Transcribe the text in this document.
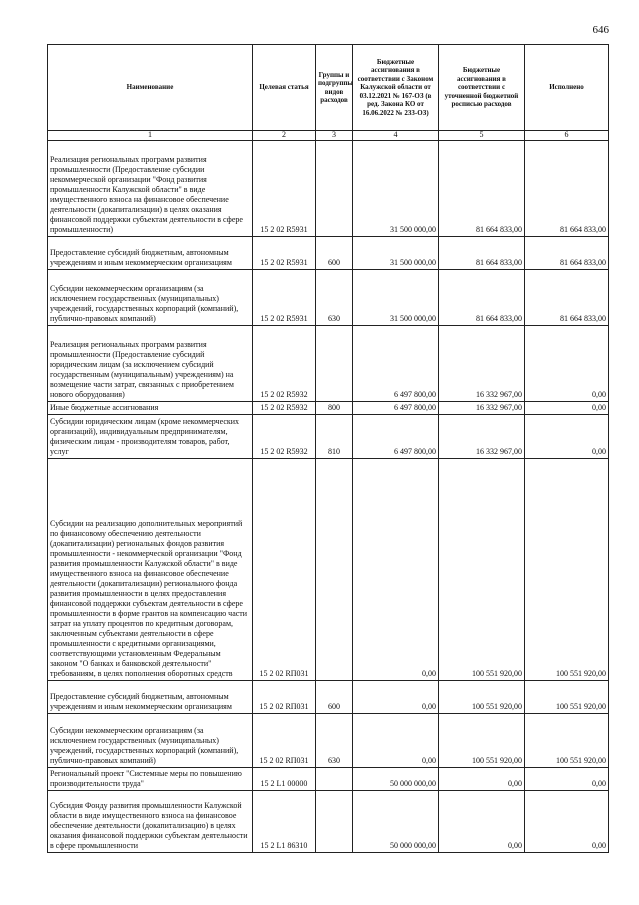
646
Наименование	Целевая статья	Группы и подгруппы видов расходов	Бюджетные ассигнования в соответствии с Законом Калужской области от 03.12.2021 № 167-ОЗ (в ред. Закона КО от 16.06.2022 № 233-ОЗ)	Бюджетные ассигнования в соответствии с уточненной бюджетной росписью расходов	Исполнено
1	2	3	4	5	6
Реализация региональных программ развития промышленности (Предоставление субсидии некоммерческой организации "Фонд развития промышленности Калужской области" в виде имущественного взноса на финансовое обеспечение деятельности (докапитализации) в целях оказания финансовой поддержки субъектам деятельности в сфере промышленности)	15 2 02 R5931		31 500 000,00	81 664 833,00	81 664 833,00
Предоставление субсидий бюджетным, автономным учреждениям и иным некоммерческим организациям	15 2 02 R5931	600	31 500 000,00	81 664 833,00	81 664 833,00
Субсидии некоммерческим организациям (за исключением государственных (муниципальных) учреждений, государственных корпораций (компаний), публично-правовых компаний)	15 2 02 R5931	630	31 500 000,00	81 664 833,00	81 664 833,00
Реализация региональных программ развития промышленности (Предоставление субсидий юридическим лицам (за исключением субсидий государственным (муниципальным) учреждениям) на возмещение части затрат, связанных с приобретением нового оборудования)	15 2 02 R5932		6 497 800,00	16 332 967,00	0,00
Иные бюджетные ассигнования	15 2 02 R5932	800	6 497 800,00	16 332 967,00	0,00
Субсидии юридическим лицам (кроме некоммерческих организаций), индивидуальным предпринимателям, физическим лицам - производителям товаров, работ, услуг	15 2 02 R5932	810	6 497 800,00	16 332 967,00	0,00
Субсидии на реализацию дополнительных мероприятий по финансовому обеспечению деятельности (докапитализации) региональных фондов развития промышленности - некоммерческой организации "Фонд развития промышленности Калужской области" в виде имущественного взноса на финансовое обеспечение деятельности (докапитализации) регионального фонда развития промышленности в целях предоставления финансовой поддержки субъектам деятельности в сфере промышленности в форме грантов на компенсацию части затрат на уплату процентов по кредитным договорам, заключенным субъектами деятельности в сфере промышленности с кредитными организациями, соответствующими установленным Федеральным законом "О банках и банковской деятельности" требованиям, в целях пополнения оборотных средств	15 2 02 RП031		0,00	100 551 920,00	100 551 920,00
Предоставление субсидий бюджетным, автономным учреждениям и иным некоммерческим организациям	15 2 02 RП031	600	0,00	100 551 920,00	100 551 920,00
Субсидии некоммерческим организациям (за исключением государственных (муниципальных) учреждений, государственных корпораций (компаний), публично-правовых компаний)	15 2 02 RП031	630	0,00	100 551 920,00	100 551 920,00
Региональный проект "Системные меры по повышению производительности труда"	15 2 L1 00000		50 000 000,00	0,00	0,00
Субсидия Фонду развития промышленности Калужской области в виде имущественного взноса на финансовое обеспечение деятельности (докапитализацию) в целях оказания финансовой поддержки субъектам деятельности в сфере промышленности	15 2 L1 86310		50 000 000,00	0,00	0,00
